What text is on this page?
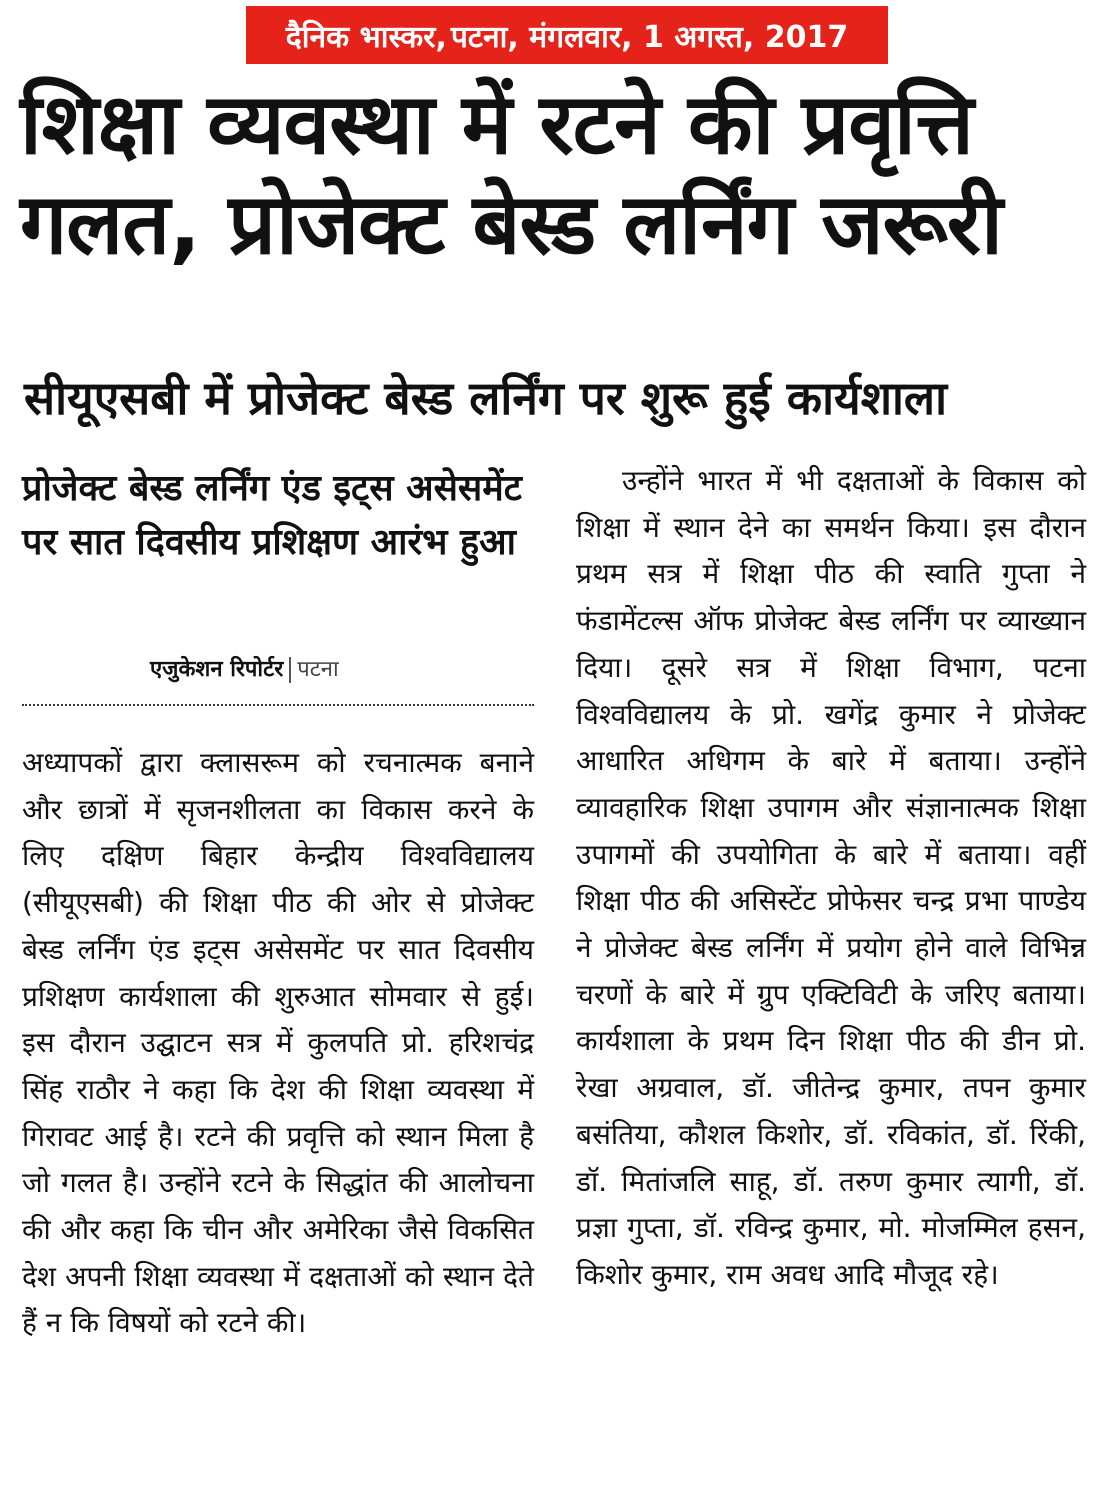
दैनिक भास्कर, पटना, मंगलवार, 1 अगस्त, 2017
शिक्षा व्यवस्था में रटने की प्रवृत्ति
गलत, प्रोजेक्ट बेस्ड लर्निंग जरूरी
सीयूएसबी में प्रोजेक्ट बेस्ड लर्निंग पर शुरू हुई कार्यशाला
प्रोजेक्ट बेस्ड लर्निंग एंड इट्स असेसमेंट पर सात दिवसीय प्रशिक्षण आरंभ हुआ
एजुकेशन रिपोर्टर पटना

अध्यापकों द्वारा क्लासरूम को रचनात्मक बनाने और छात्रों में सृजनशीलता का विकास करने के लिए दक्षिण बिहार केन्द्रीय विश्वविद्यालय (सीयूएसबी) की शिक्षा पीठ की ओर से प्रोजेक्ट बेस्ड लर्निंग एंड इट्स असेसमेंट पर सात दिवसीय प्रशिक्षण कार्यशाला की शुरुआत सोमवार से हुई। इस दौरान उद्घाटन सत्र में कुलपति प्रो. हरिशचंद्र सिंह राठौर ने कहा कि देश की शिक्षा व्यवस्था में गिरावट आई है। रटने की प्रवृत्ति को स्थान मिला है जो गलत है। उन्होंने रटने के सिद्धांत की आलोचना की और कहा कि चीन और अमेरिका जैसे विकसित देश अपनी शिक्षा व्यवस्था में दक्षताओं को स्थान देते हैं न कि विषयों को रटने की।

उन्होंने भारत में भी दक्षताओं के विकास को शिक्षा में स्थान देने का समर्थन किया। इस दौरान प्रथम सत्र में शिक्षा पीठ की स्वाति गुप्ता ने फंडामेंटल्स ऑफ प्रोजेक्ट बेस्ड लर्निंग पर व्याख्यान दिया। दूसरे सत्र में शिक्षा विभाग, पटना विश्वविद्यालय के प्रो. खगेंद्र कुमार ने प्रोजेक्ट आधारित अधिगम के बारे में बताया। उन्होंने व्यावहारिक शिक्षा उपागम और संज्ञानात्मक शिक्षा उपागमों की उपयोगिता के बारे में बताया। वहीं शिक्षा पीठ की असिस्टेंट प्रोफेसर चन्द्र प्रभा पाण्डेय ने प्रोजेक्ट बेस्ड लर्निंग में प्रयोग होने वाले विभिन्न चरणों के बारे में ग्रुप एक्टिविटी के जरिए बताया। कार्यशाला के प्रथम दिन शिक्षा पीठ की डीन प्रो. रेखा अग्रवाल, डॉ. जीतेन्द्र कुमार, तपन कुमार बसंतिया, कौशल किशोर, डॉ. रविकांत, डॉ. रिंकी, डॉ. मितांजलि साहू, डॉ. तरुण कुमार त्यागी, डॉ. प्रज्ञा गुप्ता, डॉ. रविन्द्र कुमार, मो. मोजम्मिल हसन, किशोर कुमार, राम अवध आदि मौजूद रहे।
